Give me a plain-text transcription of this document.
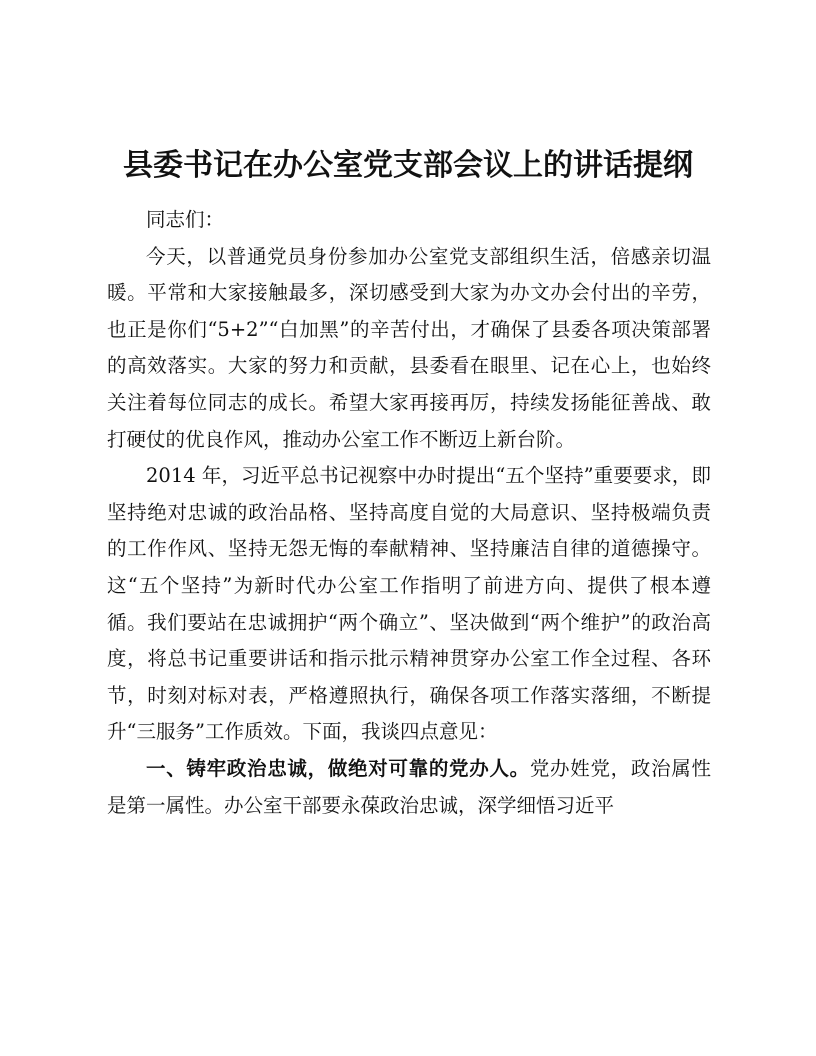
县委书记在办公室党支部会议上的讲话提纲

同志们：

今天，以普通党员身份参加办公室党支部组织生活，倍感亲切温暖。平常和大家接触最多，深切感受到大家为办文办会付出的辛劳，也正是你们“5+2”“白加黑”的辛苦付出，才确保了县委各项决策部署的高效落实。大家的努力和贡献，县委看在眼里、记在心上，也始终关注着每位同志的成长。希望大家再接再厉，持续发扬能征善战、敢打硬仗的优良作风，推动办公室工作不断迈上新台阶。

2014 年，习近平总书记视察中办时提出“五个坚持”重要要求，即坚持绝对忠诚的政治品格、坚持高度自觉的大局意识、坚持极端负责的工作作风、坚持无怨无悔的奉献精神、坚持廉洁自律的道德操守。这“五个坚持”为新时代办公室工作指明了前进方向、提供了根本遵循。我们要站在忠诚拥护“两个确立”、坚决做到“两个维护”的政治高度，将总书记重要讲话和指示批示精神贯穿办公室工作全过程、各环节，时刻对标对表，严格遵照执行，确保各项工作落实落细，不断提升“三服务”工作质效。下面，我谈四点意见：

一、铸牢政治忠诚，做绝对可靠的党办人。党办姓党，政治属性是第一属性。办公室干部要永葆政治忠诚，深学细悟习近平
